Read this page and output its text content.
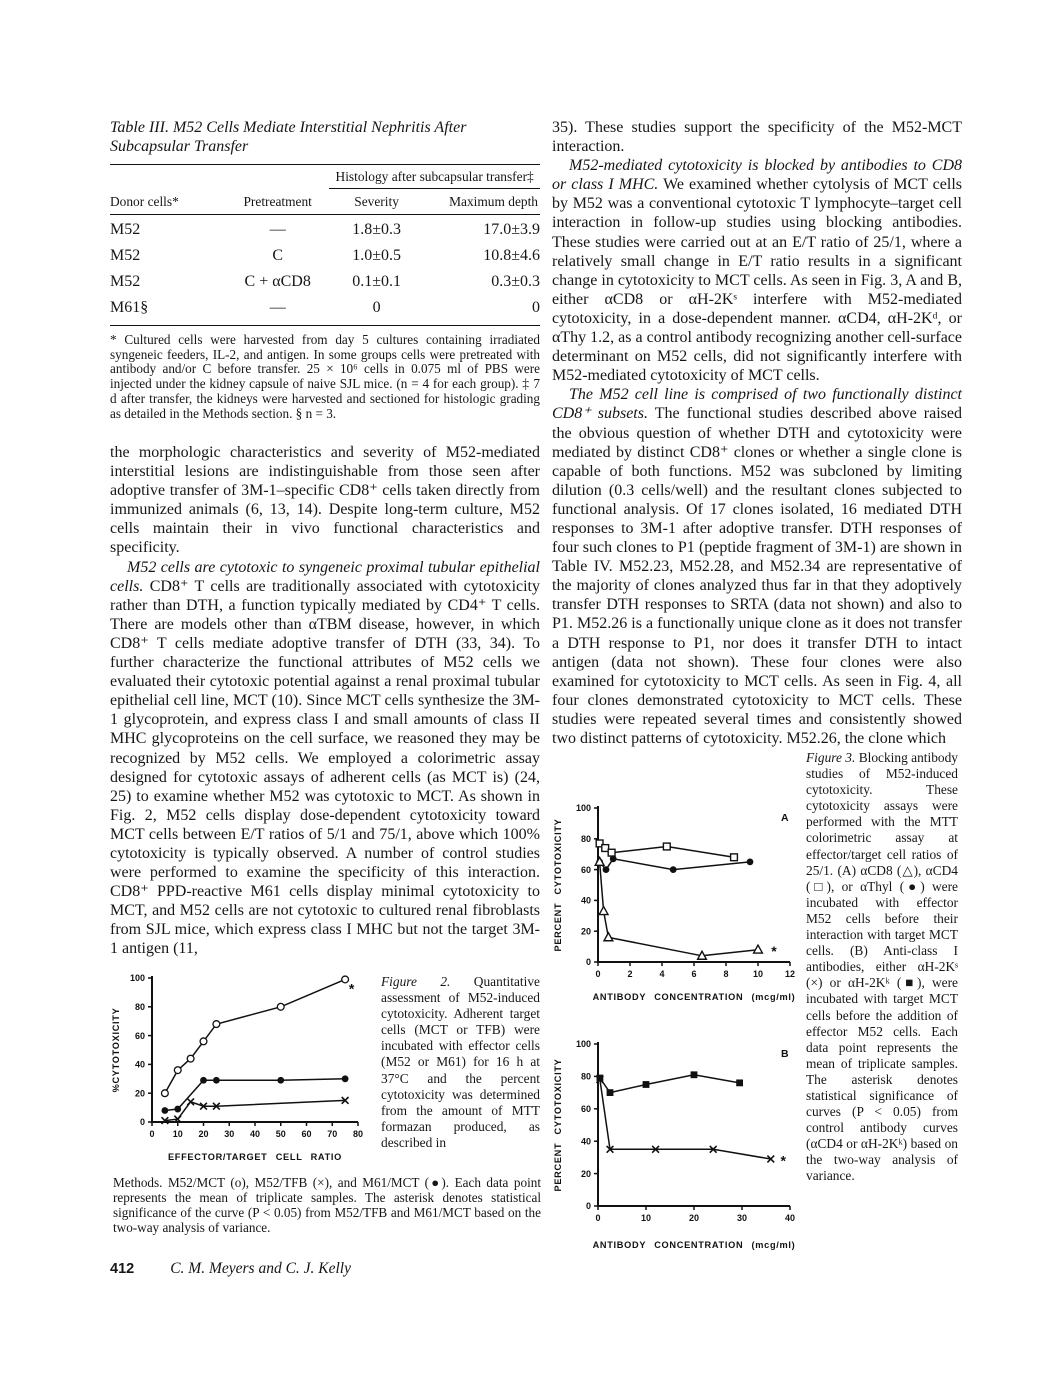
Table III. M52 Cells Mediate Interstitial Nephritis After Subcapsular Transfer
		Histology after subcapsular transfer‡	
Donor cells*	Pretreatment	Severity	Maximum depth
M52	—	1.8±0.3	17.0±3.9
M52	C	1.0±0.5	10.8±4.6
M52	C + αCD8	0.1±0.1	0.3±0.3
M61§	—	0	0
* Cultured cells were harvested from day 5 cultures containing irradiated syngeneic feeders, IL-2, and antigen. In some groups cells were pretreated with antibody and/or C before transfer. 25 × 10⁶ cells in 0.075 ml of PBS were injected under the kidney capsule of naive SJL mice. (n = 4 for each group). ‡ 7 d after transfer, the kidneys were harvested and sectioned for histologic grading as detailed in the Methods section. § n = 3.

the morphologic characteristics and severity of M52-mediated interstitial lesions are indistinguishable from those seen after adoptive transfer of 3M-1–specific CD8⁺ cells taken directly from immunized animals (6, 13, 14). Despite long-term culture, M52 cells maintain their in vivo functional characteristics and specificity.

M52 cells are cytotoxic to syngeneic proximal tubular epithelial cells. CD8⁺ T cells are traditionally associated with cytotoxicity rather than DTH, a function typically mediated by CD4⁺ T cells. There are models other than αTBM disease, however, in which CD8⁺ T cells mediate adoptive transfer of DTH (33, 34). To further characterize the functional attributes of M52 cells we evaluated their cytotoxic potential against a renal proximal tubular epithelial cell line, MCT (10). Since MCT cells synthesize the 3M-1 glycoprotein, and express class I and small amounts of class II MHC glycoproteins on the cell surface, we reasoned they may be recognized by M52 cells. We employed a colorimetric assay designed for cytotoxic assays of adherent cells (as MCT is) (24, 25) to examine whether M52 was cytotoxic to MCT. As shown in Fig. 2, M52 cells display dose-dependent cytotoxicity toward MCT cells between E/T ratios of 5/1 and 75/1, above which 100% cytotoxicity is typically observed. A number of control studies were performed to examine the specificity of this interaction. CD8⁺ PPD-reactive M61 cells display minimal cytotoxicity to MCT, and M52 cells are not cytotoxic to cultured renal fibroblasts from SJL mice, which express class I MHC but not the target 3M-1 antigen (11,

0 10 20 30 40 50 60 70 80
0
20
40
60
80
100
*
EFFECTOR/TARGET CELL RATIO
%CYTOTOXICITY
Figure 2. Quantitative assessment of M52-induced cytotoxicity. Adherent target cells (MCT or TFB) were incubated with effector cells (M52 or M61) for 16 h at 37°C and the percent cytotoxicity was determined from the amount of MTT formazan produced, as described in
Methods. M52/MCT (o), M52/TFB (×), and M61/MCT (●). Each data point represents the mean of triplicate samples. The asterisk denotes statistical significance of the curve (P < 0.05) from M52/TFB and M61/MCT based on the two-way analysis of variance.
412 C. M. Meyers and C. J. Kelly

35). These studies support the specificity of the M52-MCT interaction.

M52-mediated cytotoxicity is blocked by antibodies to CD8 or class I MHC. We examined whether cytolysis of MCT cells by M52 was a conventional cytotoxic T lymphocyte–target cell interaction in follow-up studies using blocking antibodies. These studies were carried out at an E/T ratio of 25/1, where a relatively small change in E/T ratio results in a significant change in cytotoxicity to MCT cells. As seen in Fig. 3, A and B, either αCD8 or αH-2Kˢ interfere with M52-mediated cytotoxicity, in a dose-dependent manner. αCD4, αH-2Kᵈ, or αThy 1.2, as a control antibody recognizing another cell-surface determinant on M52 cells, did not significantly interfere with M52-mediated cytotoxicity of MCT cells.

The M52 cell line is comprised of two functionally distinct CD8⁺ subsets. The functional studies described above raised the obvious question of whether DTH and cytotoxicity were mediated by distinct CD8⁺ clones or whether a single clone is capable of both functions. M52 was subcloned by limiting dilution (0.3 cells/well) and the resultant clones subjected to functional analysis. Of 17 clones isolated, 16 mediated DTH responses to 3M-1 after adoptive transfer. DTH responses of four such clones to P1 (peptide fragment of 3M-1) are shown in Table IV. M52.23, M52.28, and M52.34 are representative of the majority of clones analyzed thus far in that they adoptively transfer DTH responses to SRTA (data not shown) and also to P1. M52.26 is a functionally unique clone as it does not transfer a DTH response to P1, nor does it transfer DTH to intact antigen (data not shown). These four clones were also examined for cytotoxicity to MCT cells. As seen in Fig. 4, all four clones demonstrated cytotoxicity to MCT cells. These studies were repeated several times and consistently showed two distinct patterns of cytotoxicity. M52.26, the clone which

0	2	4	6	8	10 12
0
20
40
60
80
100
*
ANTIBODY CONCENTRATION (mcg/ml)
PERCENT CYTOTOXICITY
A
0	10	20	30	40
0
20
40
60
80
100
*
ANTIBODY CONCENTRATION (mcg/ml)
PERCENT CYTOTOXICITY
B
Figure 3. Blocking antibody studies of M52-induced cytotoxicity. These cytotoxicity assays were performed with the MTT colorimetric assay at effector/target cell ratios of 25/1. (A) αCD8 (△), αCD4 (□), or αThyl (●) were incubated with effector M52 cells before their interaction with target MCT cells. (B) Anti-class I antibodies, either αH-2Kˢ (×) or αH-2Kᵏ (■), were incubated with target MCT cells before the addition of effector M52 cells. Each data point represents the mean of triplicate samples. The asterisk denotes statistical significance of curves (P < 0.05) from control antibody curves (αCD4 or αH-2Kᵏ) based on the two-way analysis of variance.
